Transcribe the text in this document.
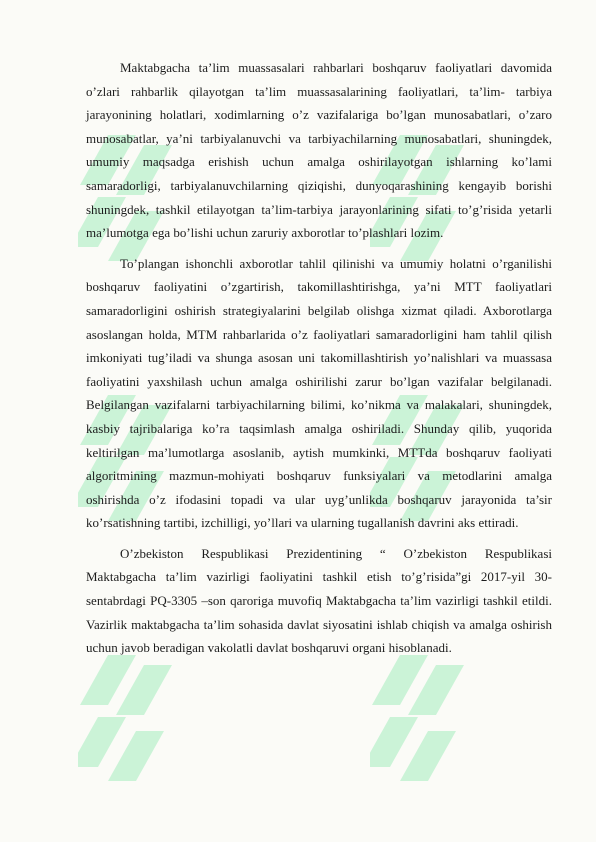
Maktabgacha ta’lim muassasalari rahbarlari boshqaruv faoliyatlari davomida o’zlari rahbarlik qilayotgan ta’lim muassasalarining faoliyatlari, ta’lim- tarbiya jarayonining holatlari, xodimlarning o’z vazifalariga bo’lgan munosabatlari, o’zaro munosabatlar, ya’ni tarbiyalanuvchi va tarbiyachilarning munosabatlari, shuningdek, umumiy maqsadga erishish uchun amalga oshirilayotgan ishlarning ko’lami samaradorligi, tarbiyalanuvchilarning qiziqishi, dunyoqarashining kengayib borishi shuningdek, tashkil etilayotgan ta’lim-tarbiya jarayonlarining sifati to’g’risida yetarli ma’lumotga ega bo’lishi uchun zaruriy axborotlar to’plashlari lozim.

To’plangan ishonchli axborotlar tahlil qilinishi va umumiy holatni o’rganilishi boshqaruv faoliyatini o’zgartirish, takomillashtirishga, ya’ni MTT faoliyatlari samaradorligini oshirish strategiyalarini belgilab olishga xizmat qiladi. Axborotlarga asoslangan holda, MTM rahbarlarida o’z faoliyatlari samaradorligini ham tahlil qilish imkoniyati tug’iladi va shunga asosan uni takomillashtirish yo’nalishlari va muassasa faoliyatini yaxshilash uchun amalga oshirilishi zarur bo’lgan vazifalar belgilanadi. Belgilangan vazifalarni tarbiyachilarning bilimi, ko’nikma va malakalari, shuningdek, kasbiy tajribalariga ko’ra taqsimlash amalga oshiriladi. Shunday qilib, yuqorida keltirilgan ma’lumotlarga asoslanib, aytish mumkinki, MTTda boshqaruv faoliyati algoritmining mazmun-mohiyati boshqaruv funksiyalari va metodlarini amalga oshirishda o’z ifodasini topadi va ular uyg’unlikda boshqaruv jarayonida ta’sir ko’rsatishning tartibi, izchilligi, yo’llari va ularning tugallanish davrini aks ettiradi.

O’zbekiston Respublikasi Prezidentining “ O’zbekiston Respublikasi Maktabgacha ta’lim vazirligi faoliyatini tashkil etish to’g’risida”gi 2017-yil 30-sentabrdagi PQ-3305 –son qaroriga muvofiq Maktabgacha ta’lim vazirligi tashkil etildi. Vazirlik maktabgacha ta’lim sohasida davlat siyosatini ishlab chiqish va amalga oshirish uchun javob beradigan vakolatli davlat boshqaruvi organi hisoblanadi.
